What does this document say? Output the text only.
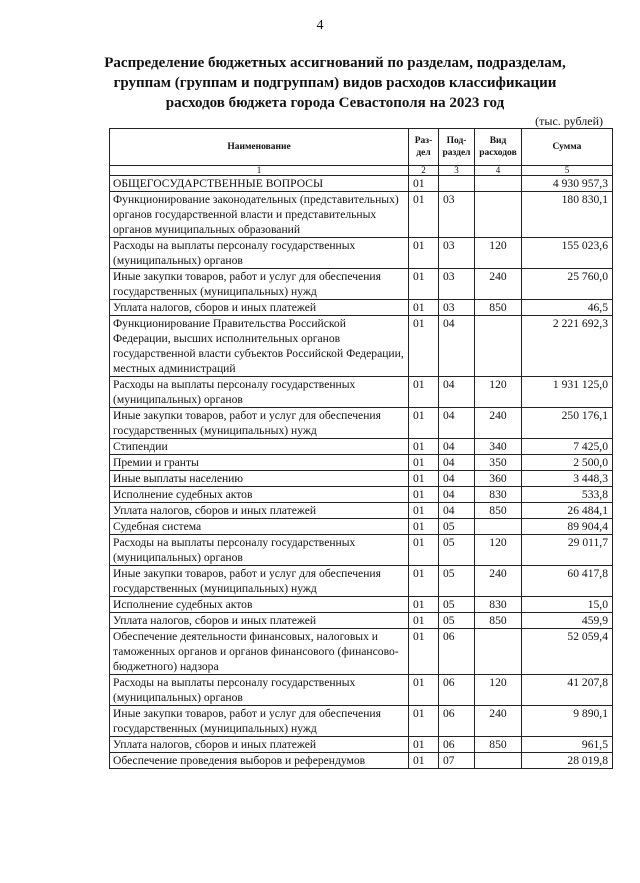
4
Распределение бюджетных ассигнований по разделам, подразделам, группам (группам и подгруппам) видов расходов классификации расходов бюджета города Севастополя на 2023 год
(тыс. рублей)
Наименование	Раз-дел	Под-раздел	Вид расходов	Сумма
1	2	3	4	5
ОБЩЕГОСУДАРСТВЕННЫЕ ВОПРОСЫ	01			4 930 957,3
Функционирование законодательных (представительных) органов государственной власти и представительных органов муниципальных образований	01	03		180 830,1
Расходы на выплаты персоналу государственных (муниципальных) органов	01	03	120	155 023,6
Иные закупки товаров, работ и услуг для обеспечения государственных (муниципальных) нужд	01	03	240	25 760,0
Уплата налогов, сборов и иных платежей	01	03	850	46,5
Функционирование Правительства Российской Федерации, высших исполнительных органов государственной власти субъектов Российской Федерации, местных администраций	01	04		2 221 692,3
Расходы на выплаты персоналу государственных (муниципальных) органов	01	04	120	1 931 125,0
Иные закупки товаров, работ и услуг для обеспечения государственных (муниципальных) нужд	01	04	240	250 176,1
Стипендии	01	04	340	7 425,0
Премии и гранты	01	04	350	2 500,0
Иные выплаты населению	01	04	360	3 448,3
Исполнение судебных актов	01	04	830	533,8
Уплата налогов, сборов и иных платежей	01	04	850	26 484,1
Судебная система	01	05		89 904,4
Расходы на выплаты персоналу государственных (муниципальных) органов	01	05	120	29 011,7
Иные закупки товаров, работ и услуг для обеспечения государственных (муниципальных) нужд	01	05	240	60 417,8
Исполнение судебных актов	01	05	830	15,0
Уплата налогов, сборов и иных платежей	01	05	850	459,9
Обеспечение деятельности финансовых, налоговых и таможенных органов и органов финансового (финансово-бюджетного) надзора	01	06		52 059,4
Расходы на выплаты персоналу государственных (муниципальных) органов	01	06	120	41 207,8
Иные закупки товаров, работ и услуг для обеспечения государственных (муниципальных) нужд	01	06	240	9 890,1
Уплата налогов, сборов и иных платежей	01	06	850	961,5
Обеспечение проведения выборов и референдумов	01	07		28 019,8
